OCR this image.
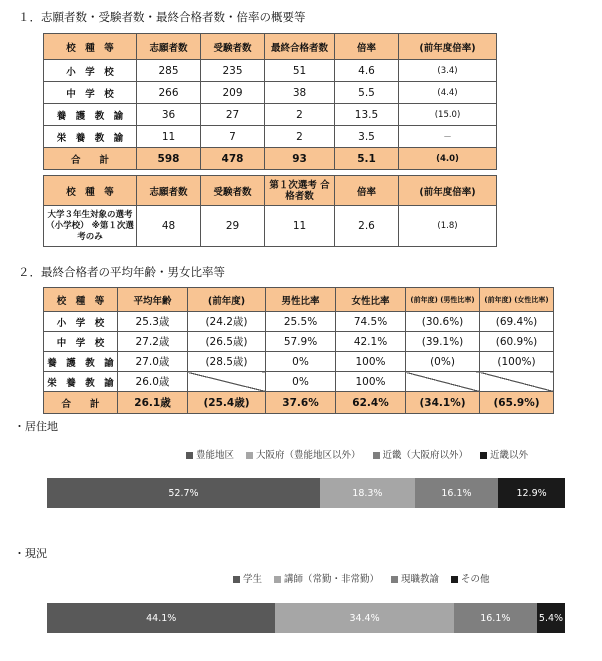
１．志願者数・受験者数・最終合格者数・倍率の概要等
校　種　等	志願者数	受験者数	最終合格者数	倍率	(前年度倍率)
小　学　校	285	235	51	4.6	(3.4)
中　学　校	266	209	38	5.5	(4.4)
養　護　教　諭	36	27	2	13.5	(15.0)
栄　養　教　諭	11	7	2	3.5	－
合　　計	598	478	93	5.1	(4.0)
校　種　等	志願者数	受験者数	第１次選考 合格者数	倍率	(前年度倍率)
大学３年生対象の選考 （小学校） ※第１次選考のみ	48	29	11	2.6	(1.8)
２．最終合格者の平均年齢・男女比率等
校　種　等	平均年齢	(前年度)	男性比率	女性比率	(前年度) (男性比率)	(前年度) (女性比率)
小　学　校	25.3歳	(24.2歳)	25.5%	74.5%	(30.6%)	(69.4%)
中　学　校	27.2歳	(26.5歳)	57.9%	42.1%	(39.1%)	(60.9%)
養　護　教　諭	27.0歳	(28.5歳)	0%	100%	(0%)	(100%)
栄　養　教　諭	26.0歳		0%	100%		
合　　計	26.1歳	(25.4歳)	37.6%	62.4%	(34.1%)	(65.9%)
・居住地
豊能地区	大阪府（豊能地区以外）	近畿（大阪府以外）	近畿以外
52.7%	18.3%	16.1%	12.9%
・現況
学生	講師（常勤・非常勤）	現職教諭	その他
44.1%	34.4%	16.1%	5.4%
